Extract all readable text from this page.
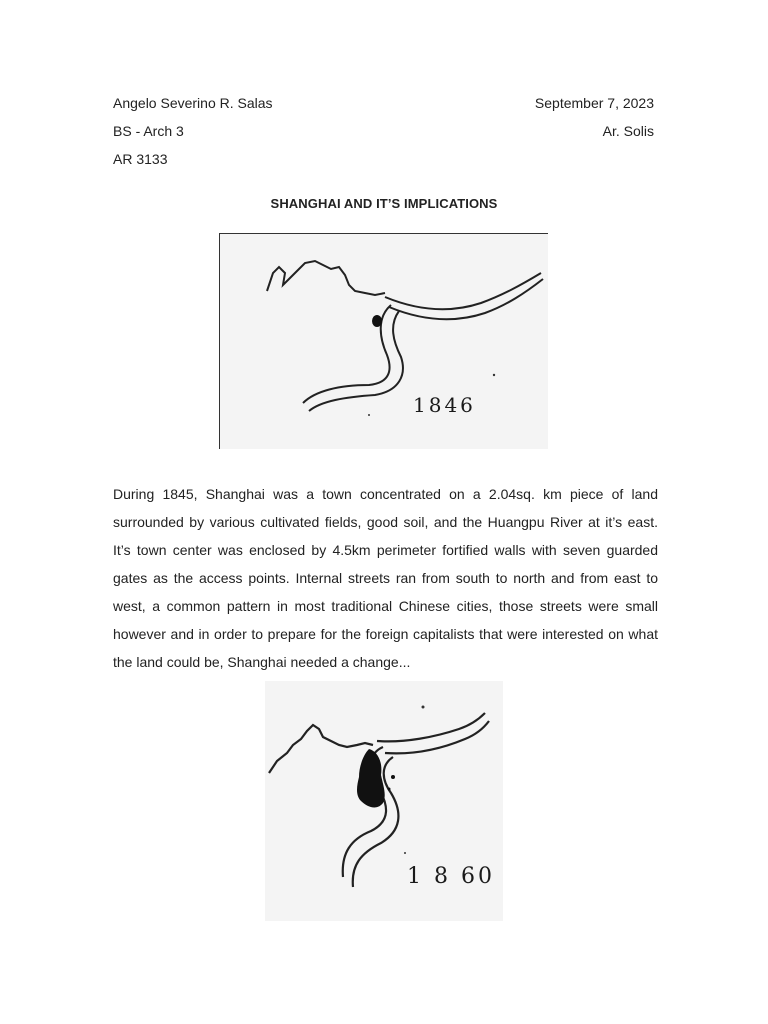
Angelo Severino R. Salas	September 7, 2023
BS - Arch 3	Ar. Solis
AR 3133
SHANGHAI AND IT’S IMPLICATIONS
1846

During 1845, Shanghai was a town concentrated on a 2.04sq. km piece of land surrounded by various cultivated fields, good soil, and the Huangpu River at it’s east. It’s town center was enclosed by 4.5km perimeter fortified walls with seven guarded gates as the access points. Internal streets ran from south to north and from east to west, a common pattern in most traditional Chinese cities, those streets were small however and in order to prepare for the foreign capitalists that were interested on what the land could be, Shanghai needed a change...

1 8 60
